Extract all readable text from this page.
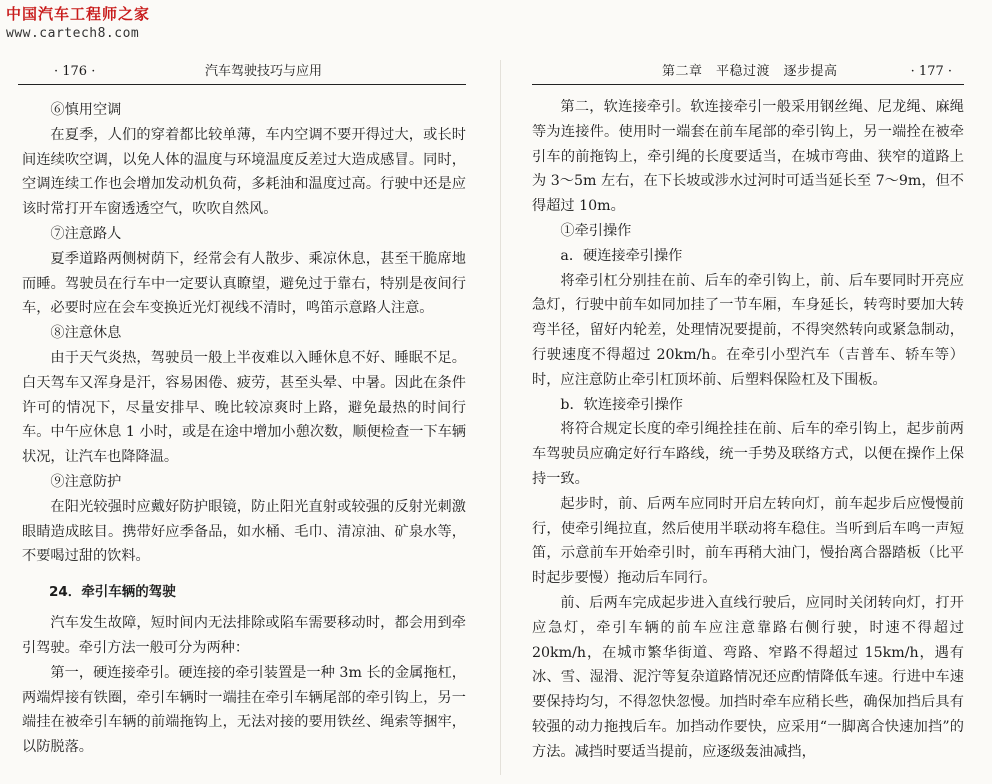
中国汽车工程师之家
www.cartech8.com
· 176 ·	汽车驾驶技巧与应用

⑥慎用空调

在夏季，人们的穿着都比较单薄，车内空调不要开得过大，或长时间连续吹空调，以免人体的温度与环境温度反差过大造成感冒。同时，空调连续工作也会增加发动机负荷，多耗油和温度过高。行驶中还是应该时常打开车窗透透空气，吹吹自然风。

⑦注意路人

夏季道路两侧树荫下，经常会有人散步、乘凉休息，甚至干脆席地而睡。驾驶员在行车中一定要认真瞭望，避免过于靠右，特别是夜间行车，必要时应在会车变换近光灯视线不清时，鸣笛示意路人注意。

⑧注意休息

由于天气炎热，驾驶员一般上半夜难以入睡休息不好、睡眠不足。白天驾车又浑身是汗，容易困倦、疲劳，甚至头晕、中暑。因此在条件许可的情况下，尽量安排早、晚比较凉爽时上路，避免最热的时间行车。中午应休息 1 小时，或是在途中增加小憩次数，顺便检查一下车辆状况，让汽车也降降温。

⑨注意防护

在阳光较强时应戴好防护眼镜，防止阳光直射或较强的反射光刺激眼睛造成眩目。携带好应季备品，如水桶、毛巾、清凉油、矿泉水等，不要喝过甜的饮料。

24．牵引车辆的驾驶

汽车发生故障，短时间内无法排除或陷车需要移动时，都会用到牵引驾驶。牵引方法一般可分为两种：

第一，硬连接牵引。硬连接的牵引装置是一种 3m 长的金属拖杠，两端焊接有铁圈，牵引车辆时一端挂在牵引车辆尾部的牵引钩上，另一端挂在被牵引车辆的前端拖钩上，无法对接的要用铁丝、绳索等捆牢，以防脱落。

第二章　平稳过渡　逐步提高	· 177 ·

第二，软连接牵引。软连接牵引一般采用钢丝绳、尼龙绳、麻绳等为连接件。使用时一端套在前车尾部的牵引钩上，另一端拴在被牵引车的前拖钩上，牵引绳的长度要适当，在城市弯曲、狭窄的道路上为 3～5m 左右，在下长坡或涉水过河时可适当延长至 7～9m，但不得超过 10m。

①牵引操作

a．硬连接牵引操作

将牵引杠分别挂在前、后车的牵引钩上，前、后车要同时开亮应急灯，行驶中前车如同加挂了一节车厢，车身延长，转弯时要加大转弯半径，留好内轮差，处理情况要提前，不得突然转向或紧急制动，行驶速度不得超过 20km/h。在牵引小型汽车（吉普车、轿车等）时，应注意防止牵引杠顶坏前、后塑料保险杠及下围板。

b．软连接牵引操作

将符合规定长度的牵引绳拴挂在前、后车的牵引钩上，起步前两车驾驶员应确定好行车路线，统一手势及联络方式，以便在操作上保持一致。

起步时，前、后两车应同时开启左转向灯，前车起步后应慢慢前行，使牵引绳拉直，然后使用半联动将车稳住。当听到后车鸣一声短笛，示意前车开始牵引时，前车再稍大油门，慢抬离合器踏板（比平时起步要慢）拖动后车同行。

前、后两车完成起步进入直线行驶后，应同时关闭转向灯，打开应急灯，牵引车辆的前车应注意靠路右侧行驶，时速不得超过 20km/h，在城市繁华街道、弯路、窄路不得超过 15km/h，遇有冰、雪、湿滑、泥泞等复杂道路情况还应酌情降低车速。行进中车速要保持均匀，不得忽快忽慢。加挡时牵车应稍长些，确保加挡后具有较强的动力拖拽后车。加挡动作要快，应采用“一脚离合快速加挡”的方法。减挡时要适当提前，应逐级轰油减挡，
